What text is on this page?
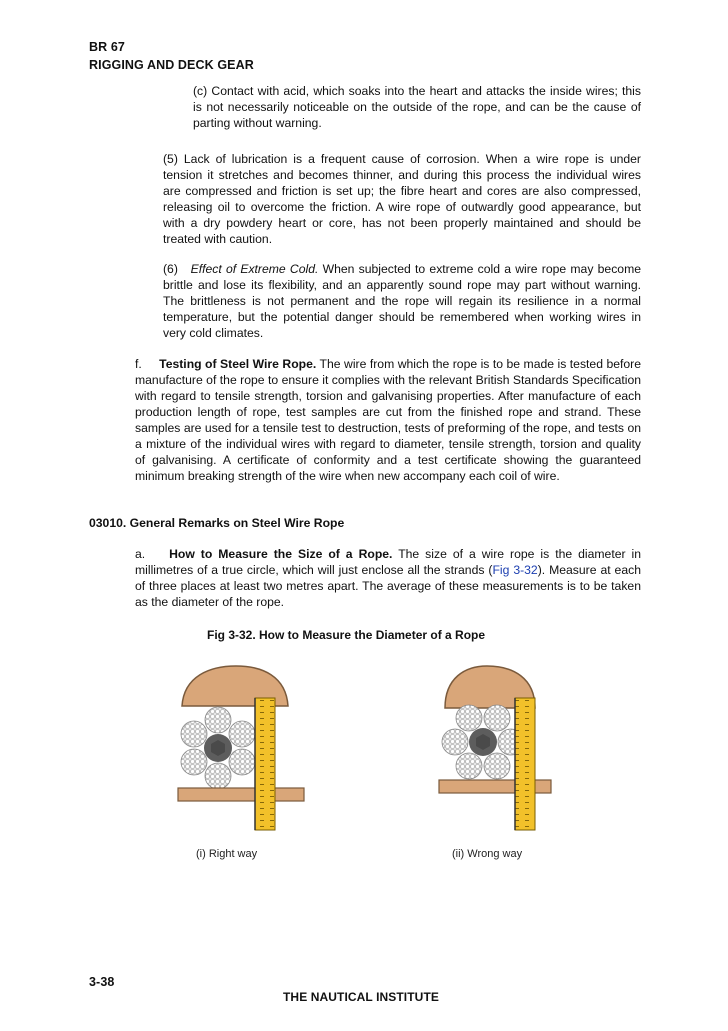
BR 67
RIGGING AND DECK GEAR
(c) Contact with acid, which soaks into the heart and attacks the inside wires; this is not necessarily noticeable on the outside of the rope, and can be the cause of parting without warning.
(5) Lack of lubrication is a frequent cause of corrosion. When a wire rope is under tension it stretches and becomes thinner, and during this process the individual wires are compressed and friction is set up; the fibre heart and cores are also compressed, releasing oil to overcome the friction. A wire rope of outwardly good appearance, but with a dry powdery heart or core, has not been properly maintained and should be treated with caution.
(6) Effect of Extreme Cold. When subjected to extreme cold a wire rope may become brittle and lose its flexibility, and an apparently sound rope may part without warning. The brittleness is not permanent and the rope will regain its resilience in a normal temperature, but the potential danger should be remembered when working wires in very cold climates.
f. Testing of Steel Wire Rope. The wire from which the rope is to be made is tested before manufacture of the rope to ensure it complies with the relevant British Standards Specification with regard to tensile strength, torsion and galvanising properties. After manufacture of each production length of rope, test samples are cut from the finished rope and strand. These samples are used for a tensile test to destruction, tests of preforming of the rope, and tests on a mixture of the individual wires with regard to diameter, tensile strength, torsion and quality of galvanising. A certificate of conformity and a test certificate showing the guaranteed minimum breaking strength of the wire when new accompany each coil of wire.
03010. General Remarks on Steel Wire Rope
a. How to Measure the Size of a Rope. The size of a wire rope is the diameter in millimetres of a true circle, which will just enclose all the strands (Fig 3-32). Measure at each of three places at least two metres apart. The average of these measurements is to be taken as the diameter of the rope.
Fig 3-32. How to Measure the Diameter of a Rope
(i) Right way	(ii) Wrong way
3-38
THE NAUTICAL INSTITUTE
